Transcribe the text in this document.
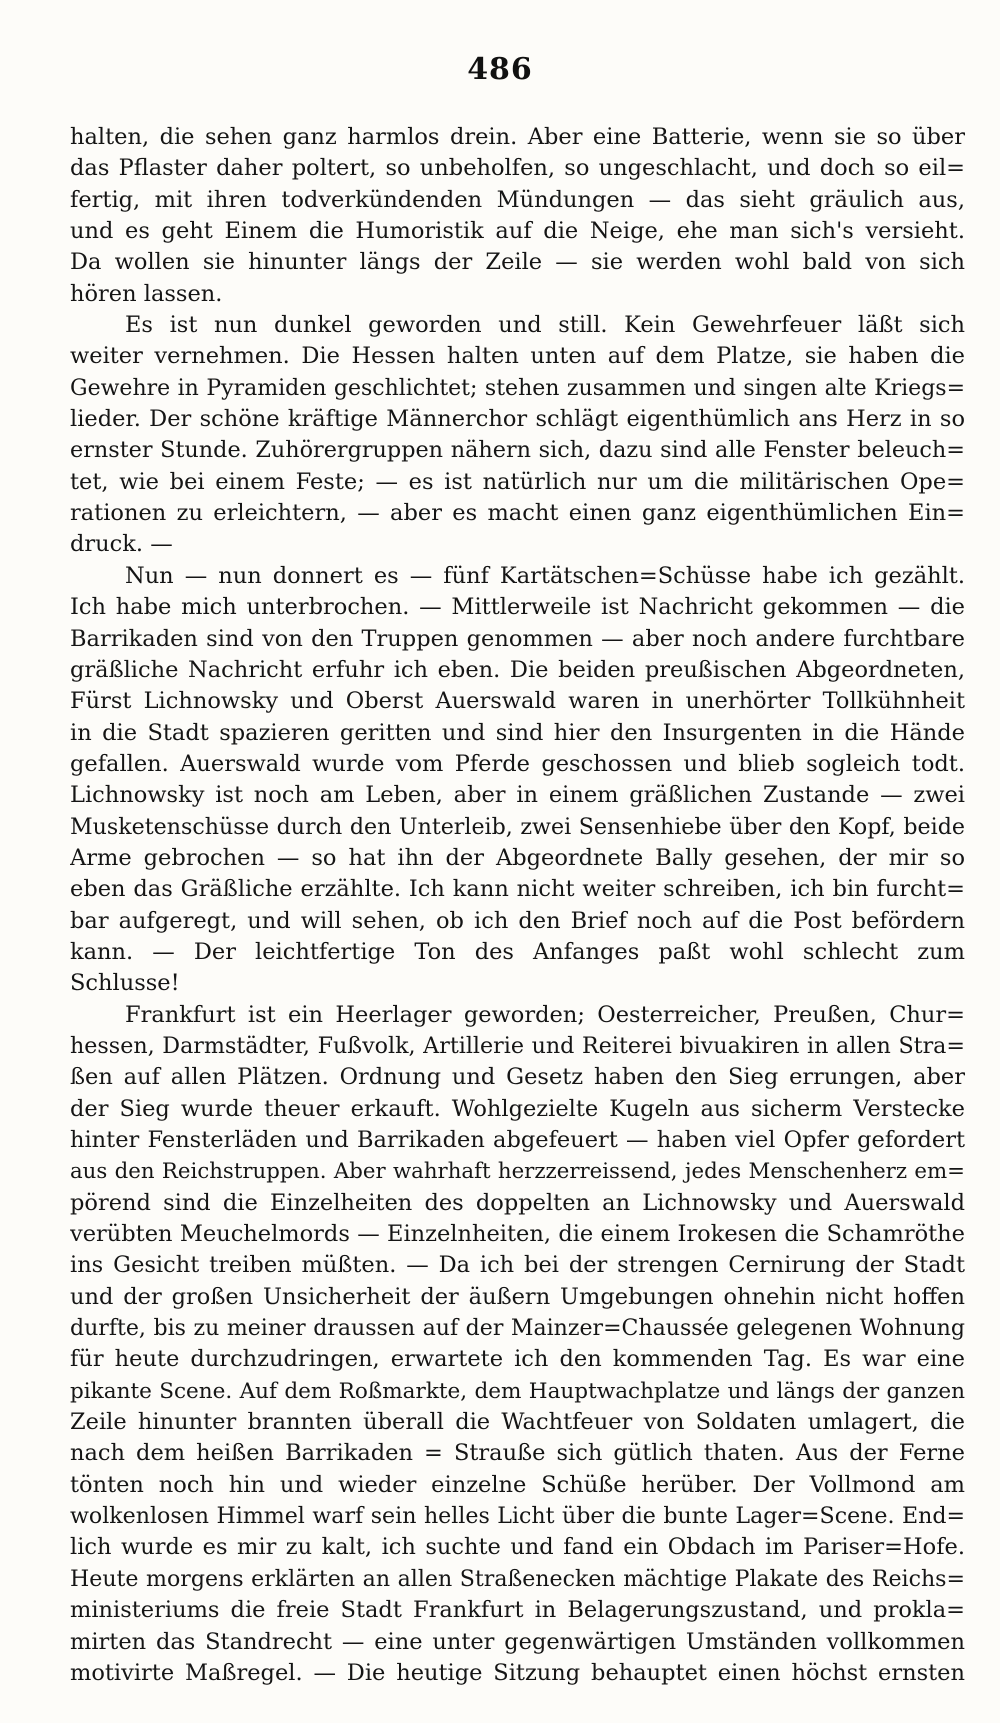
486
halten, die sehen ganz harmlos drein. Aber eine Batterie, wenn sie so über
das Pflaster daher poltert, so unbeholfen, so ungeschlacht, und doch so eil=
fertig, mit ihren todverkündenden Mündungen — das sieht gräulich aus,
und es geht Einem die Humoristik auf die Neige, ehe man sich's versieht.
Da wollen sie hinunter längs der Zeile — sie werden wohl bald von sich
hören lassen.
Es ist nun dunkel geworden und still. Kein Gewehrfeuer läßt sich
weiter vernehmen. Die Hessen halten unten auf dem Platze, sie haben die
Gewehre in Pyramiden geschlichtet; stehen zusammen und singen alte Kriegs=
lieder. Der schöne kräftige Männerchor schlägt eigenthümlich ans Herz in so
ernster Stunde. Zuhörergruppen nähern sich, dazu sind alle Fenster beleuch=
tet, wie bei einem Feste; — es ist natürlich nur um die militärischen Ope=
rationen zu erleichtern, — aber es macht einen ganz eigenthümlichen Ein=
druck. —
Nun — nun donnert es — fünf Kartätschen=Schüsse habe ich gezählt.
Ich habe mich unterbrochen. — Mittlerweile ist Nachricht gekommen — die
Barrikaden sind von den Truppen genommen — aber noch andere furchtbare
gräßliche Nachricht erfuhr ich eben. Die beiden preußischen Abgeordneten,
Fürst Lichnowsky und Oberst Auerswald waren in unerhörter Tollkühnheit
in die Stadt spazieren geritten und sind hier den Insurgenten in die Hände
gefallen. Auerswald wurde vom Pferde geschossen und blieb sogleich todt.
Lichnowsky ist noch am Leben, aber in einem gräßlichen Zustande — zwei
Musketenschüsse durch den Unterleib, zwei Sensenhiebe über den Kopf, beide
Arme gebrochen — so hat ihn der Abgeordnete Bally gesehen, der mir so
eben das Gräßliche erzählte. Ich kann nicht weiter schreiben, ich bin furcht=
bar aufgeregt, und will sehen, ob ich den Brief noch auf die Post befördern
kann. — Der leichtfertige Ton des Anfanges paßt wohl schlecht zum
Schlusse!
Frankfurt ist ein Heerlager geworden; Oesterreicher, Preußen, Chur=
hessen, Darmstädter, Fußvolk, Artillerie und Reiterei bivuakiren in allen Stra=
ßen auf allen Plätzen. Ordnung und Gesetz haben den Sieg errungen, aber
der Sieg wurde theuer erkauft. Wohlgezielte Kugeln aus sicherm Verstecke
hinter Fensterläden und Barrikaden abgefeuert — haben viel Opfer gefordert
aus den Reichstruppen. Aber wahrhaft herzzerreissend, jedes Menschenherz em=
pörend sind die Einzelheiten des doppelten an Lichnowsky und Auerswald
verübten Meuchelmords — Einzelnheiten, die einem Irokesen die Schamröthe
ins Gesicht treiben müßten. — Da ich bei der strengen Cernirung der Stadt
und der großen Unsicherheit der äußern Umgebungen ohnehin nicht hoffen
durfte, bis zu meiner draussen auf der Mainzer=Chaussée gelegenen Wohnung
für heute durchzudringen, erwartete ich den kommenden Tag. Es war eine
pikante Scene. Auf dem Roßmarkte, dem Hauptwachplatze und längs der ganzen
Zeile hinunter brannten überall die Wachtfeuer von Soldaten umlagert, die
nach dem heißen Barrikaden = Strauße sich gütlich thaten. Aus der Ferne
tönten noch hin und wieder einzelne Schüße herüber. Der Vollmond am
wolkenlosen Himmel warf sein helles Licht über die bunte Lager=Scene. End=
lich wurde es mir zu kalt, ich suchte und fand ein Obdach im Pariser=Hofe.
Heute morgens erklärten an allen Straßenecken mächtige Plakate des Reichs=
ministeriums die freie Stadt Frankfurt in Belagerungszustand, und prokla=
mirten das Standrecht — eine unter gegenwärtigen Umständen vollkommen
motivirte Maßregel. — Die heutige Sitzung behauptet einen höchst ernsten
